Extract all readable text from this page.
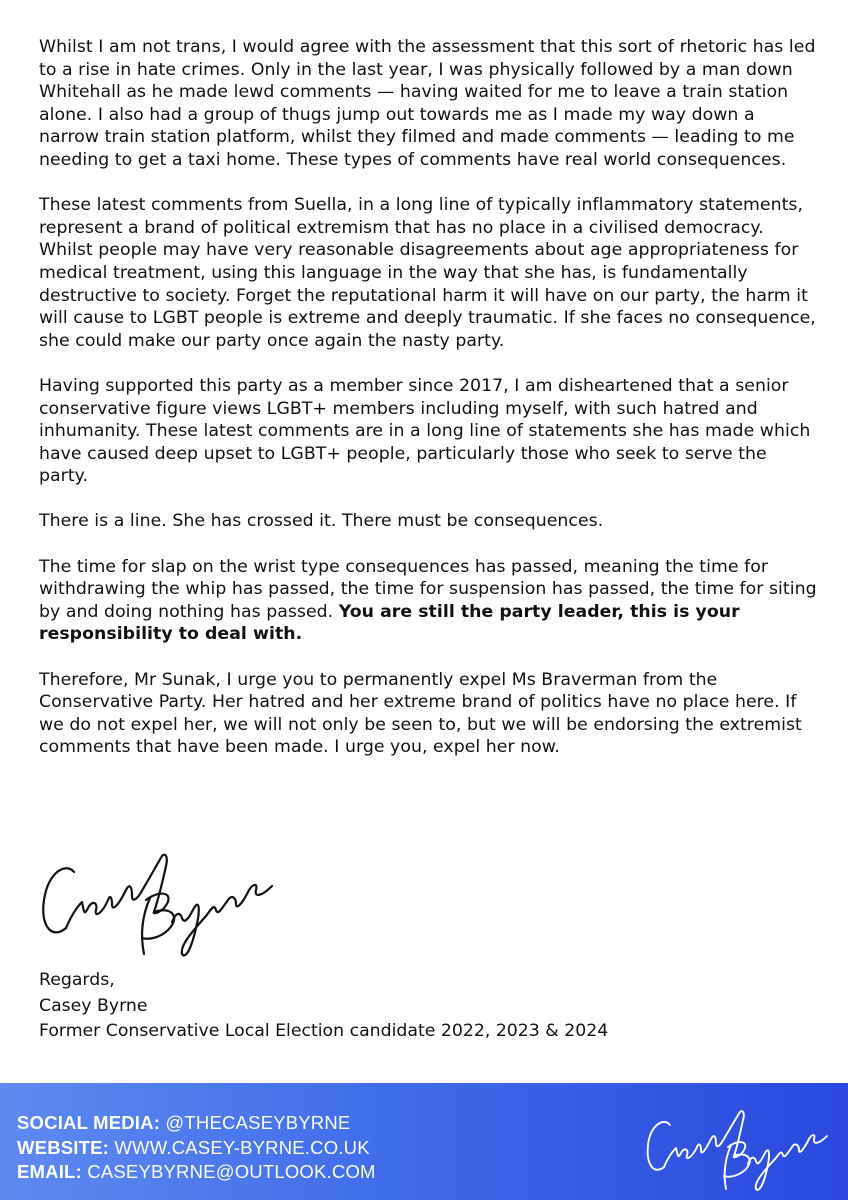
Whilst I am not trans, I would agree with the assessment that this sort of rhetoric has led to a rise in hate crimes. Only in the last year, I was physically followed by a man down Whitehall as he made lewd comments — having waited for me to leave a train station alone. I also had a group of thugs jump out towards me as I made my way down a narrow train station platform, whilst they filmed and made comments — leading to me needing to get a taxi home. These types of comments have real world consequences.

These latest comments from Suella, in a long line of typically inflammatory statements, represent a brand of political extremism that has no place in a civilised democracy. Whilst people may have very reasonable disagreements about age appropriateness for medical treatment, using this language in the way that she has, is fundamentally destructive to society. Forget the reputational harm it will have on our party, the harm it will cause to LGBT people is extreme and deeply traumatic. If she faces no consequence, she could make our party once again the nasty party.

Having supported this party as a member since 2017, I am disheartened that a senior conservative figure views LGBT+ members including myself, with such hatred and inhumanity. These latest comments are in a long line of statements she has made which have caused deep upset to LGBT+ people, particularly those who seek to serve the party.

There is a line. She has crossed it. There must be consequences.

The time for slap on the wrist type consequences has passed, meaning the time for withdrawing the whip has passed, the time for suspension has passed, the time for siting by and doing nothing has passed. You are still the party leader, this is your responsibility to deal with.

Therefore, Mr Sunak, I urge you to permanently expel Ms Braverman from the Conservative Party. Her hatred and her extreme brand of politics have no place here. If we do not expel her, we will not only be seen to, but we will be endorsing the extremist comments that have been made. I urge you, expel her now.

Regards,
Casey Byrne
Former Conservative Local Election candidate 2022, 2023 & 2024
SOCIAL MEDIA: @THECASEYBYRNE
WEBSITE: WWW.CASEY-BYRNE.CO.UK
EMAIL: CASEYBYRNE@OUTLOOK.COM
